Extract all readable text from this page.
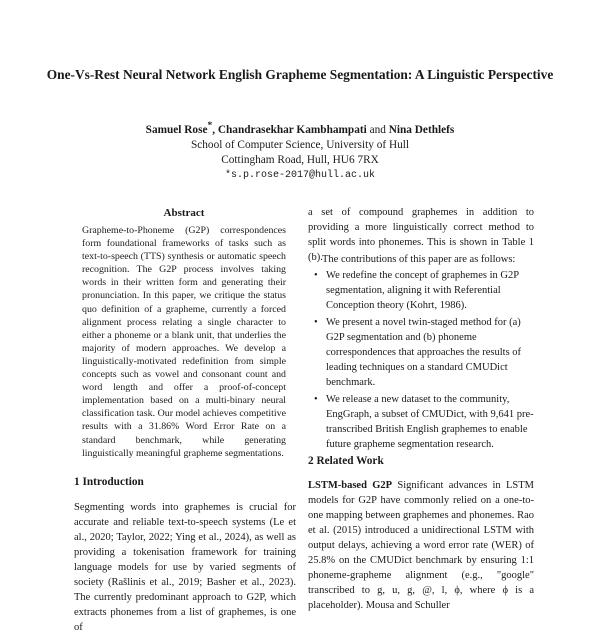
One-Vs-Rest Neural Network English Grapheme Segmentation: A Linguistic Perspective
Samuel Rose*, Chandrasekhar Kambhampati and Nina Dethlefs
School of Computer Science, University of Hull
Cottingham Road, Hull, HU6 7RX
*s.p.rose-2017@hull.ac.uk
Abstract
Grapheme-to-Phoneme (G2P) correspondences form foundational frameworks of tasks such as text-to-speech (TTS) synthesis or automatic speech recognition. The G2P process involves taking words in their written form and generating their pronunciation. In this paper, we critique the status quo definition of a grapheme, currently a forced alignment process relating a single character to either a phoneme or a blank unit, that underlies the majority of modern approaches. We develop a linguistically-motivated redefinition from simple concepts such as vowel and consonant count and word length and offer a proof-of-concept implementation based on a multi-binary neural classification task. Our model achieves competitive results with a 31.86% Word Error Rate on a standard benchmark, while generating linguistically meaningful grapheme segmentations.
1 Introduction
Segmenting words into graphemes is crucial for accurate and reliable text-to-speech systems (Le et al., 2020; Taylor, 2022; Ying et al., 2024), as well as providing a tokenisation framework for training language models for use by varied segments of society (Rašlinis et al., 2019; Basher et al., 2023). The currently predominant approach to G2P, which extracts phonemes from a list of graphemes, is one of
a set of compound graphemes in addition to providing a more linguistically correct method to split words into phonemes. This is shown in Table 1 (b). The contributions of this paper are as follows:
• We redefine the concept of graphemes in G2P segmentation, aligning it with Referential Conception theory (Kohrt, 1986).
• We present a novel twin-staged method for (a) G2P segmentation and (b) phoneme correspondences that approaches the results of leading techniques on a standard CMUDict benchmark.
• We release a new dataset to the community, EngGraph, a subset of CMUDict, with 9,641 pre-transcribed British English graphemes to enable future grapheme segmentation research.
2 Related Work
LSTM-based G2P Significant advances in LSTM models for G2P have commonly relied on a one-to-one mapping between graphemes and phonemes. Rao et al. (2015) introduced a unidirectional LSTM with output delays, achieving a word error rate (WER) of 25.8% on the CMUDict benchmark by ensuring 1:1 phoneme-grapheme alignment (e.g., "google" transcribed to g, u, g, @, l, ϕ, where ϕ is a placeholder). Mousa and Schuller
